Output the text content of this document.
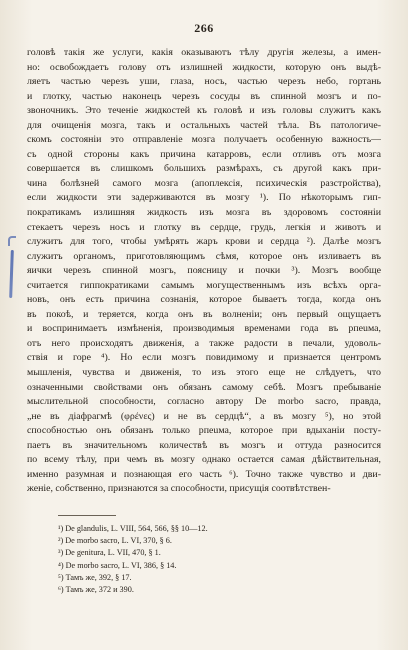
266
головѣ такія же услуги, какія оказываютъ тѣлу другія железы, а имен-
но: освобождаетъ голову отъ излишней жидкости, которую онъ выдѣ-
ляетъ частью черезъ уши, глаза, носъ, частью черезъ небо, гортань
и глотку, частью наконецъ черезъ сосуды въ спинной мозгъ и по-
звоночникъ. Это теченіе жидкостей къ головѣ и изъ головы служитъ какъ
для очищенія мозга, такъ и остальныхъ частей тѣла. Въ патологиче-
скомъ состояніи это отправленіе мозга получаетъ особенную важность—
съ одной стороны какъ причина катарровъ, если отливъ отъ мозга
совершается въ слишкомъ большихъ размѣрахъ, съ другой какъ при-
чина болѣзней самого мозга (апоплексія, психическія разстройства),
если жидкости эти задерживаются въ мозгу ¹). По нѣкоторымъ гип-
пократикамъ излишняя жидкость изъ мозга въ здоровомъ состояніи
стекаетъ черезъ носъ и глотку въ сердце, грудь, легкія и животъ и
служитъ для того, чтобы умѣрять жаръ крови и сердца ²). Далѣе мозгъ
служитъ органомъ, приготовляющимъ сѣмя, которое онъ изливаетъ въ
яички черезъ спинной мозгъ, поясницу и почки ³). Мозгъ вообще
считается гиппократиками самымъ могущественнымъ изъ всѣхъ орга-
новъ, онъ есть причина сознанія, которое бываетъ тогда, когда онъ
въ покоѣ, и теряется, когда онъ въ волненіи; онъ первый ощущаетъ
и воспринимаетъ измѣненія, производимыя временами года въ рпеuма,
отъ него происходятъ движенія, а также радости в печали, удоволь-
ствія и горе ⁴). Но если мозгъ повидимому и признается центромъ
мышленія, чувства и движенія, то изъ этого еще не слѣдуетъ, что
означенными свойствами онъ обязанъ самому себѣ. Мозгъ пребываніе
мыслительной способности, согласно автору De morbo sacro, правда,
„не въ діафрагмѣ (φρένες) и не въ сердцѣ“, а въ мозгу ⁵), но этой
способностью онъ обязанъ только рпеuма, которое при вдыханіи посту-
паетъ въ значительномъ количествѣ въ мозгъ и оттуда разносится
по всему тѣлу, при чемъ въ мозгу однако остается самая дѣйствительная,
именно разумная и познающая его часть ⁶). Точно также чувство и дви-
женіе, собственно, признаются за способности, присущія соотвѣтствен-
¹) De glandulis, L. VIII, 564, 566, §§ 10—12.
²) De morbo sacro, L. VI, 370, § 6.
³) De genitura, L. VII, 470, § 1.
⁴) De morbo sacro, L. VI, 386, § 14.
⁵) Тамъ же, 392, § 17.
⁶) Тамъ же, 372 и 390.
